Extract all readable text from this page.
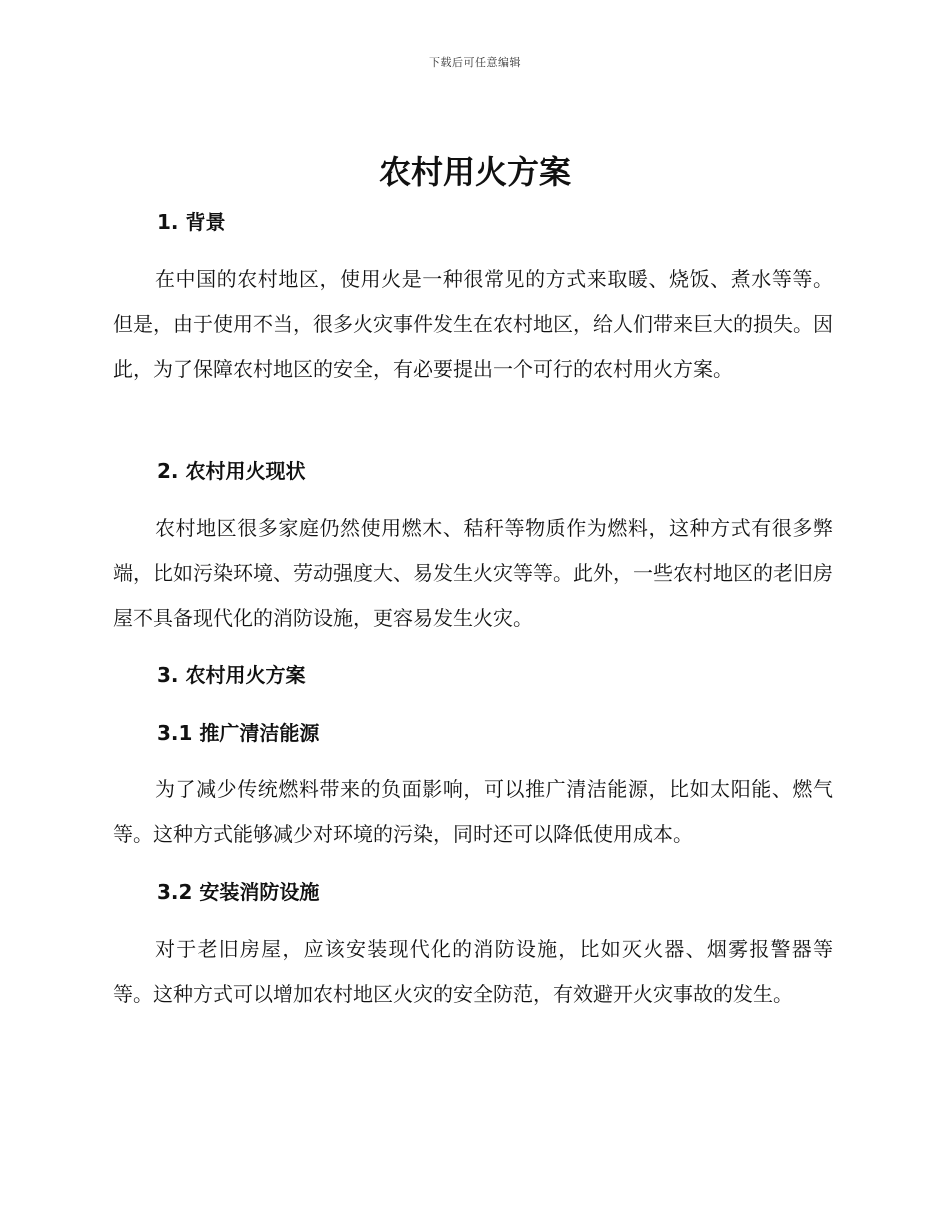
下载后可任意编辑
农村用火方案
1. 背景

在中国的农村地区，使用火是一种很常见的方式来取暖、烧饭、煮水等等。但是，由于使用不当，很多火灾事件发生在农村地区，给人们带来巨大的损失。因此，为了保障农村地区的安全，有必要提出一个可行的农村用火方案。

2. 农村用火现状

农村地区很多家庭仍然使用燃木、秸秆等物质作为燃料，这种方式有很多弊端，比如污染环境、劳动强度大、易发生火灾等等。此外，一些农村地区的老旧房屋不具备现代化的消防设施，更容易发生火灾。

3. 农村用火方案
3.1 推广清洁能源

为了减少传统燃料带来的负面影响，可以推广清洁能源，比如太阳能、燃气等。这种方式能够减少对环境的污染，同时还可以降低使用成本。

3.2 安装消防设施

对于老旧房屋，应该安装现代化的消防设施，比如灭火器、烟雾报警器等等。这种方式可以增加农村地区火灾的安全防范，有效避开火灾事故的发生。
